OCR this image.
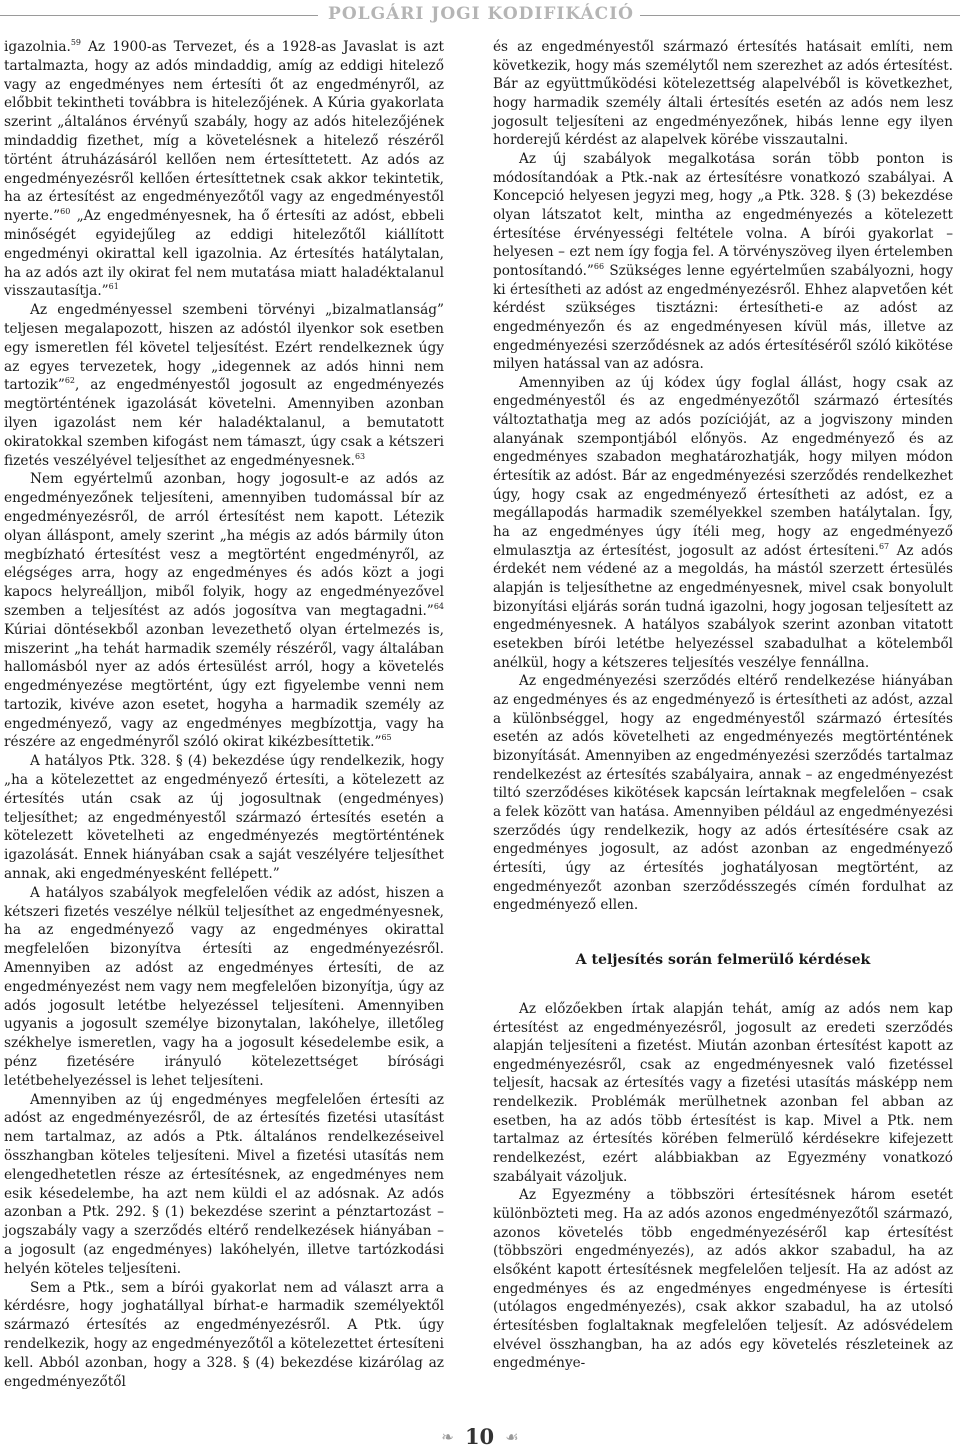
POLGÁRI JOGI KODIFIKÁCIÓ

igazolnia.$^{59}$ Az 1900-as Tervezet, és a 1928-as Javaslat is azt tartalmazta, hogy az adós mindaddig, amíg az eddigi hitelező vagy az engedményes nem értesíti őt az engedményről, az előbbit tekintheti továbbra is hitelezőjének. A Kúria gyakorlata szerint „általános érvényű szabály, hogy az adós hitelezőjének mindaddig fizethet, míg a követelésnek a hitelező részéről történt átruházásáról kellően nem értesíttetett. Az adós az engedményezésről kellően értesíttetnek csak akkor tekintetik, ha az értesítést az engedményezőtől vagy az engedményestől nyerte.”$^{60}$ „Az engedményesnek, ha ő értesíti az adóst, ebbeli minőségét egyidejűleg az eddigi hitelezőtől kiállított engedményi okirattal kell igazolnia. Az értesítés hatálytalan, ha az adós azt ily okirat fel nem mutatása miatt haladéktalanul visszautasítja.”$^{61}$

Az engedményessel szembeni törvényi „bizalmatlanság” teljesen megalapozott, hiszen az adóstól ilyenkor sok esetben egy ismeretlen fél követel teljesítést. Ezért rendelkeznek úgy az egyes tervezetek, hogy „idegennek az adós hinni nem tartozik”$^{62}$, az engedményestől jogosult az engedményezés megtörténtének igazolását követelni. Amennyiben azonban ilyen igazolást nem kér haladéktalanul, a bemutatott okiratokkal szemben kifogást nem támaszt, úgy csak a kétszeri fizetés veszélyével teljesíthet az engedményesnek.$^{63}$

Nem egyértelmű azonban, hogy jogosult-e az adós az engedményezőnek teljesíteni, amennyiben tudomással bír az engedményezésről, de arról értesítést nem kapott. Létezik olyan álláspont, amely szerint „ha mégis az adós bármily úton megbízható értesítést vesz a megtörtént engedményről, az elégséges arra, hogy az engedményes és adós közt a jogi kapocs helyreálljon, miből folyik, hogy az engedményezővel szemben a teljesítést az adós jogosítva van megtagadni.”$^{64}$ Kúriai döntésekből azonban levezethető olyan értelmezés is, miszerint „ha tehát harmadik személy részéről, vagy általában hallomásból nyer az adós értesülést arról, hogy a követelés engedményezése megtörtént, úgy ezt figyelembe venni nem tartozik, kivéve azon esetet, hogyha a harmadik személy az engedményező, vagy az engedményes megbízottja, vagy ha részére az engedményről szóló okirat kikézbesíttetik.”$^{65}$

A hatályos Ptk. 328. § (4) bekezdése úgy rendelkezik, hogy „ha a kötelezettet az engedményező értesíti, a kötelezett az értesítés után csak az új jogosultnak (engedményes) teljesíthet; az engedményestől származó értesítés esetén a kötelezett követelheti az engedményezés megtörténtének igazolását. Ennek hiányában csak a saját veszélyére teljesíthet annak, aki engedményesként fellépett.”

A hatályos szabályok megfelelően védik az adóst, hiszen a kétszeri fizetés veszélye nélkül teljesíthet az engedményesnek, ha az engedményező vagy az engedményes okirattal megfelelően bizonyítva értesíti az engedményezésről. Amennyiben az adóst az engedményes értesíti, de az engedményezést nem vagy nem megfelelően bizonyítja, úgy az adós jogosult letétbe helyezéssel teljesíteni. Amennyiben ugyanis a jogosult személye bizonytalan, lakóhelye, illetőleg székhelye ismeretlen, vagy ha a jogosult késedelembe esik, a pénz fizetésére irányuló kötelezettséget bírósági letétbehelyezéssel is lehet teljesíteni.

Amennyiben az új engedményes megfelelően értesíti az adóst az engedményezésről, de az értesítés fizetési utasítást nem tartalmaz, az adós a Ptk. általános rendelkezéseivel összhangban köteles teljesíteni. Mivel a fizetési utasítás nem elengedhetetlen része az értesítésnek, az engedményes nem esik késedelembe, ha azt nem küldi el az adósnak. Az adós azonban a Ptk. 292. § (1) bekezdése szerint a pénztartozást – jogszabály vagy a szerződés eltérő rendelkezések hiányában – a jogosult (az engedményes) lakóhelyén, illetve tartózkodási helyén köteles teljesíteni.

Sem a Ptk., sem a bírói gyakorlat nem ad választ arra a kérdésre, hogy joghatállyal bírhat-e harmadik személyektől származó értesítés az engedményezésről. A Ptk. úgy rendelkezik, hogy az engedményezőtől a kötelezettet értesíteni kell. Abból azonban, hogy a 328. § (4) bekezdése kizárólag az engedményezőtől

és az engedményestől származó értesítés hatásait említi, nem következik, hogy más személytől nem szerezhet az adós értesítést. Bár az együttműködési kötelezettség alapelvéből is következhet, hogy harmadik személy általi értesítés esetén az adós nem lesz jogosult teljesíteni az engedményezőnek, hibás lenne egy ilyen horderejű kérdést az alapelvek körébe visszautalni.

Az új szabályok megalkotása során több ponton is módosítandóak a Ptk.-nak az értesítésre vonatkozó szabályai. A Koncepció helyesen jegyzi meg, hogy „a Ptk. 328. § (3) bekezdése olyan látszatot kelt, mintha az engedményezés a kötelezett értesítése érvényességi feltétele volna. A bírói gyakorlat – helyesen – ezt nem így fogja fel. A törvényszöveg ilyen értelemben pontosítandó.”$^{66}$ Szükséges lenne egyértelműen szabályozni, hogy ki értesítheti az adóst az engedményezésről. Ehhez alapvetően két kérdést szükséges tisztázni: értesítheti-e az adóst az engedményezőn és az engedményesen kívül más, illetve az engedményezési szerződésnek az adós értesítéséről szóló kikötése milyen hatással van az adósra.

Amennyiben az új kódex úgy foglal állást, hogy csak az engedményestől és az engedményezőtől származó értesítés változtathatja meg az adós pozícióját, az a jogviszony minden alanyának szempontjából előnyös. Az engedményező és az engedményes szabadon meghatározhatják, hogy milyen módon értesítik az adóst. Bár az engedményezési szerződés rendelkezhet úgy, hogy csak az engedményező értesítheti az adóst, ez a megállapodás harmadik személyekkel szemben hatálytalan. Így, ha az engedményes úgy ítéli meg, hogy az engedményező elmulasztja az értesítést, jogosult az adóst értesíteni.$^{67}$ Az adós érdekét nem védené az a megoldás, ha mástól szerzett értesülés alapján is teljesíthetne az engedményesnek, mivel csak bonyolult bizonyítási eljárás során tudná igazolni, hogy jogosan teljesített az engedményesnek. A hatályos szabályok szerint azonban vitatott esetekben bírói letétbe helyezéssel szabadulhat a kötelemből anélkül, hogy a kétszeres teljesítés veszélye fennállna.

Az engedményezési szerződés eltérő rendelkezése hiányában az engedményes és az engedményező is értesítheti az adóst, azzal a különbséggel, hogy az engedményestől származó értesítés esetén az adós követelheti az engedményezés megtörténtének bizonyítását. Amennyiben az engedményezési szerződés tartalmaz rendelkezést az értesítés szabályaira, annak – az engedményezést tiltó szerződéses kikötések kapcsán leírtaknak megfelelően – csak a felek között van hatása. Amennyiben például az engedményezési szerződés úgy rendelkezik, hogy az adós értesítésére csak az engedményes jogosult, az adóst azonban az engedményező értesíti, úgy az értesítés joghatályosan megtörtént, az engedményezőt azonban szerződésszegés címén fordulhat az engedményező ellen.

A teljesítés során felmerülő kérdések

Az előzőekben írtak alapján tehát, amíg az adós nem kap értesítést az engedményezésről, jogosult az eredeti szerződés alapján teljesíteni a fizetést. Miután azonban értesítést kapott az engedményezésről, csak az engedményesnek való fizetéssel teljesít, hacsak az értesítés vagy a fizetési utasítás másképp nem rendelkezik. Problémák merülhetnek azonban fel abban az esetben, ha az adós több értesítést is kap. Mivel a Ptk. nem tartalmaz az értesítés körében felmerülő kérdésekre kifejezett rendelkezést, ezért alábbiakban az Egyezmény vonatkozó szabályait vázoljuk.

Az Egyezmény a többszöri értesítésnek három esetét különbözteti meg. Ha az adós azonos engedményezőtől származó, azonos követelés több engedményezéséről kap értesítést (többszöri engedményezés), az adós akkor szabadul, ha az elsőként kapott értesítésnek megfelelően teljesít. Ha az adóst az engedményes és az engedményes engedményese is értesíti (utólagos engedményezés), csak akkor szabadul, ha az utolsó értesítésben foglaltaknak megfelelően teljesít. Az adósvédelem elvével összhangban, ha az adós egy követelés részleteinek az engedménye-

❧ 10 ☙
